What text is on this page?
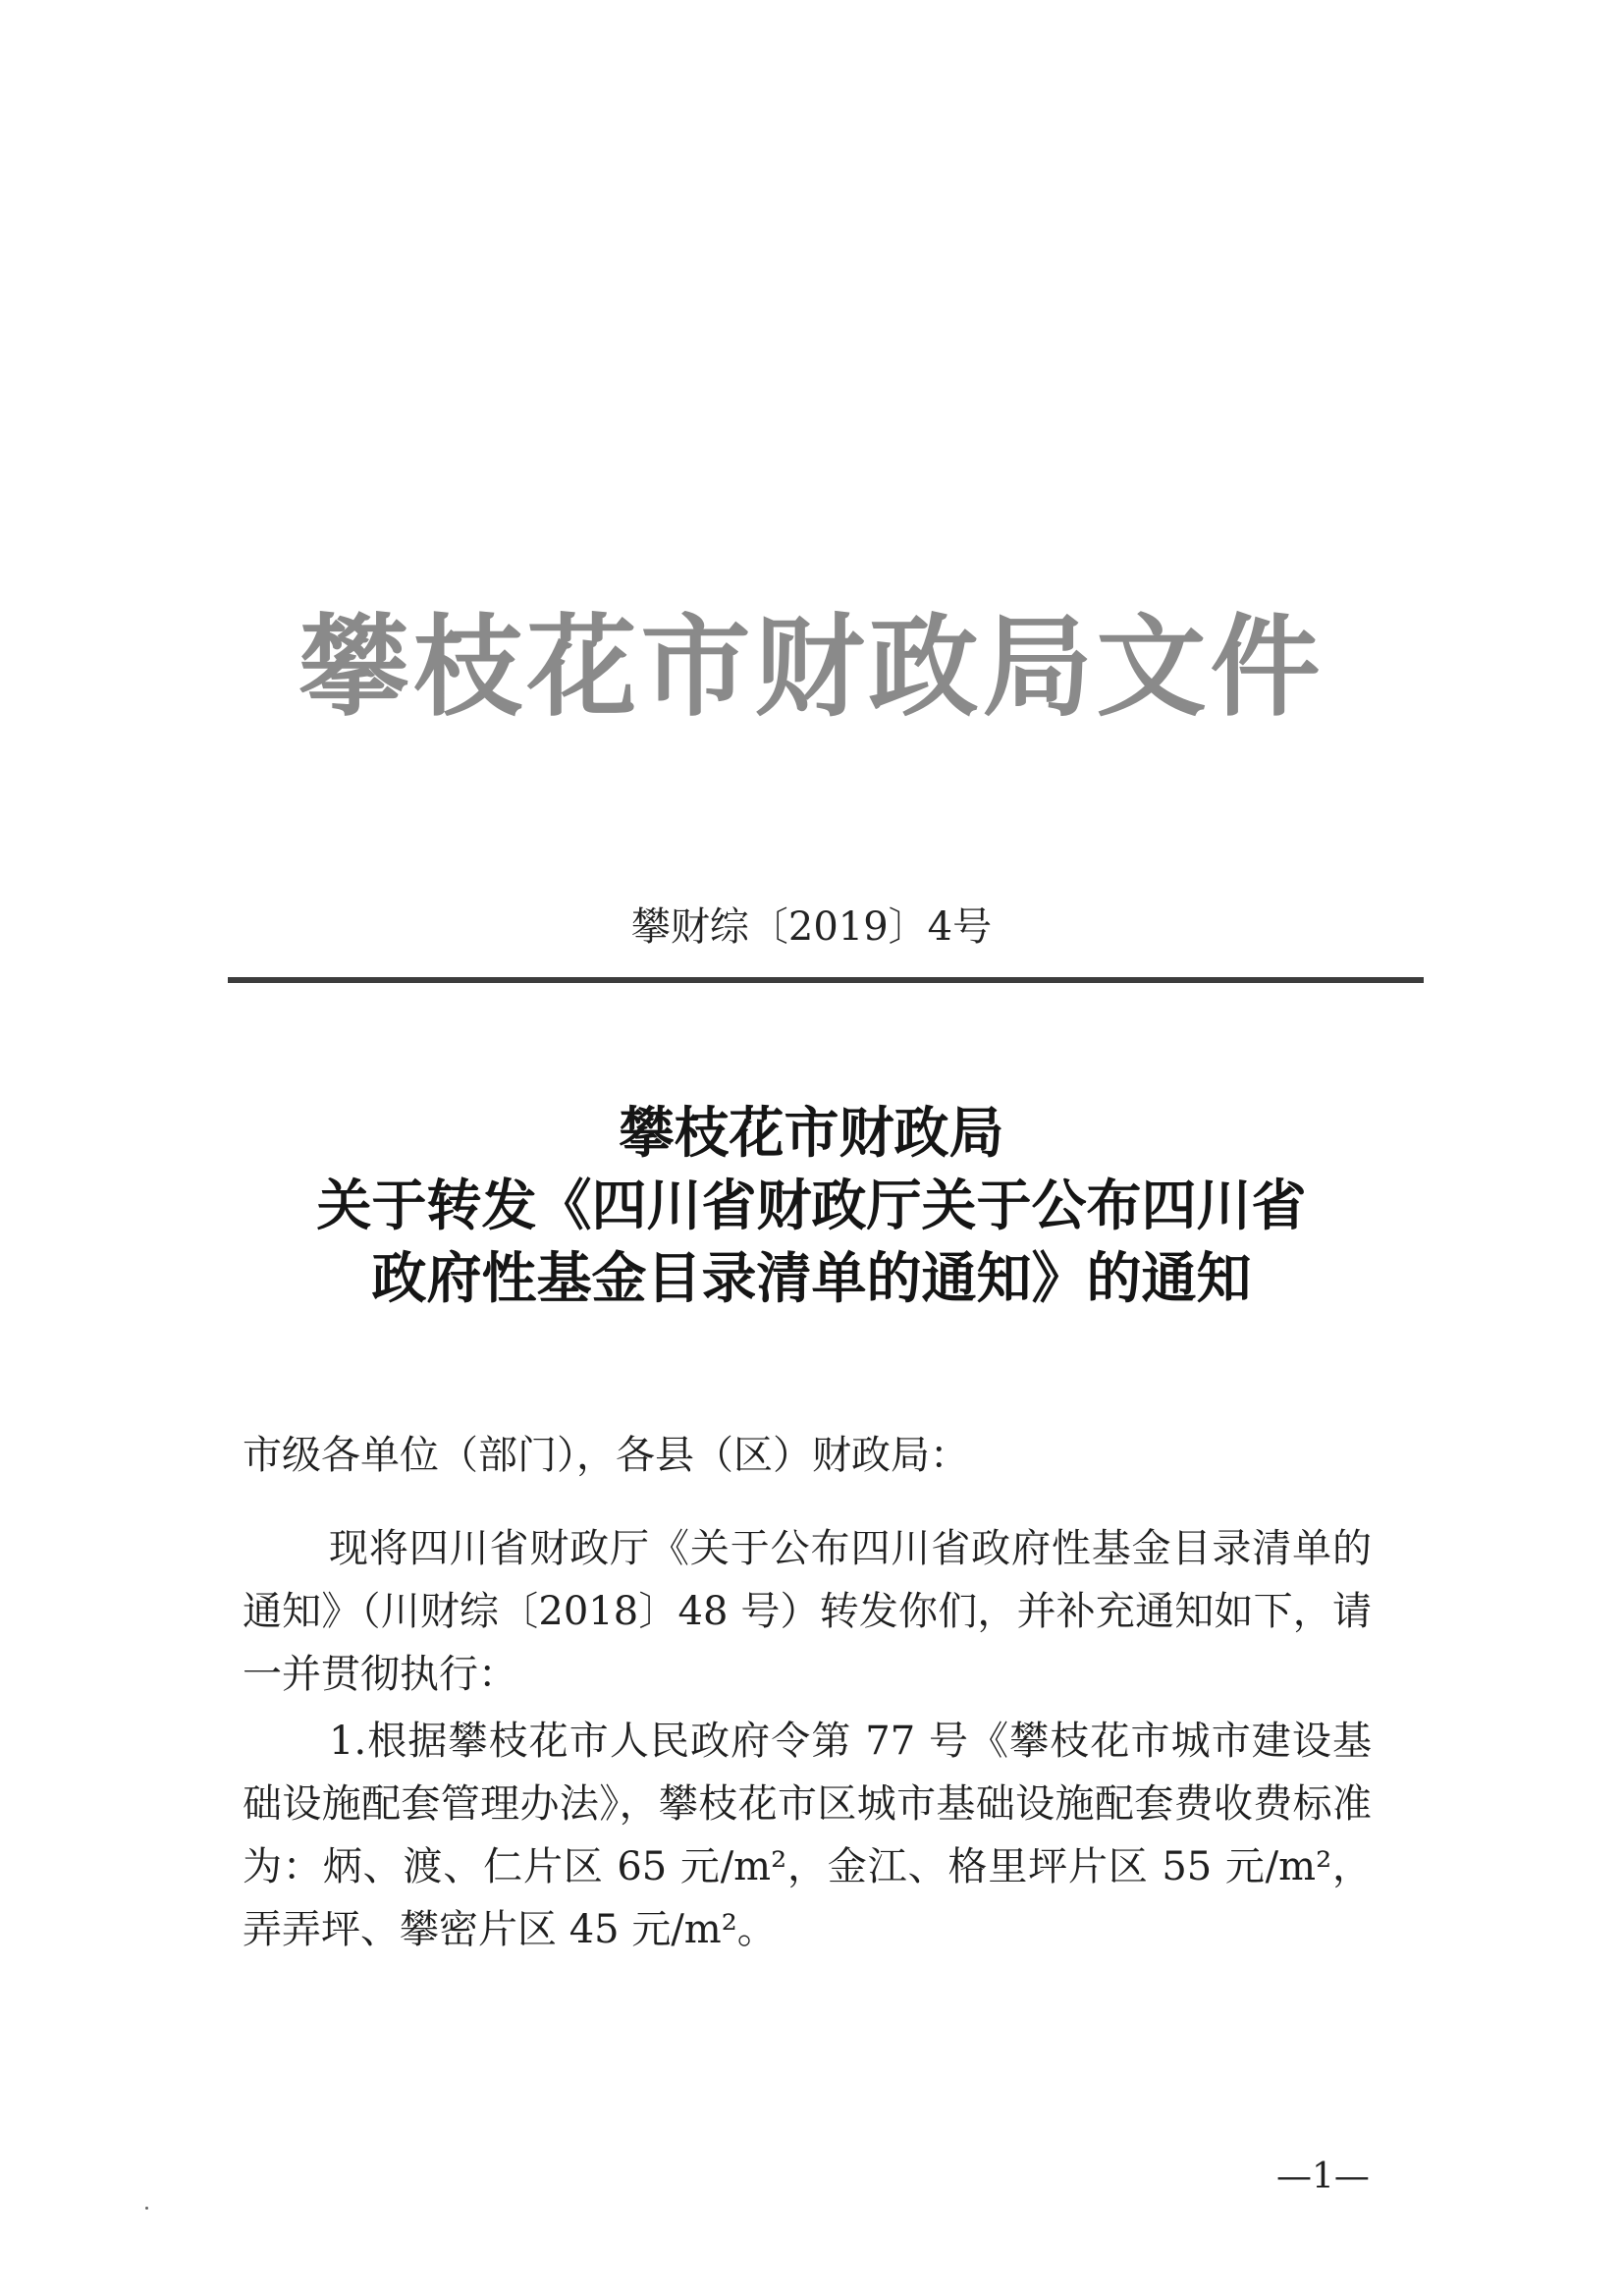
攀枝花市财政局文件
攀财综〔2019〕4号
攀枝花市财政局
关于转发《四川省财政厅关于公布四川省
政府性基金目录清单的通知》的通知
市级各单位（部门），各县（区）财政局：

现将四川省财政厅《关于公布四川省政府性基金目录清单的通知》（川财综〔2018〕48 号）转发你们，并补充通知如下，请一并贯彻执行：

1.根据攀枝花市人民政府令第 77 号《攀枝花市城市建设基础设施配套管理办法》，攀枝花市区城市基础设施配套费收费标准为：炳、渡、仁片区 65 元/m²，金江、格里坪片区 55 元/m²，弄弄坪、攀密片区 45 元/m²。

—1—
